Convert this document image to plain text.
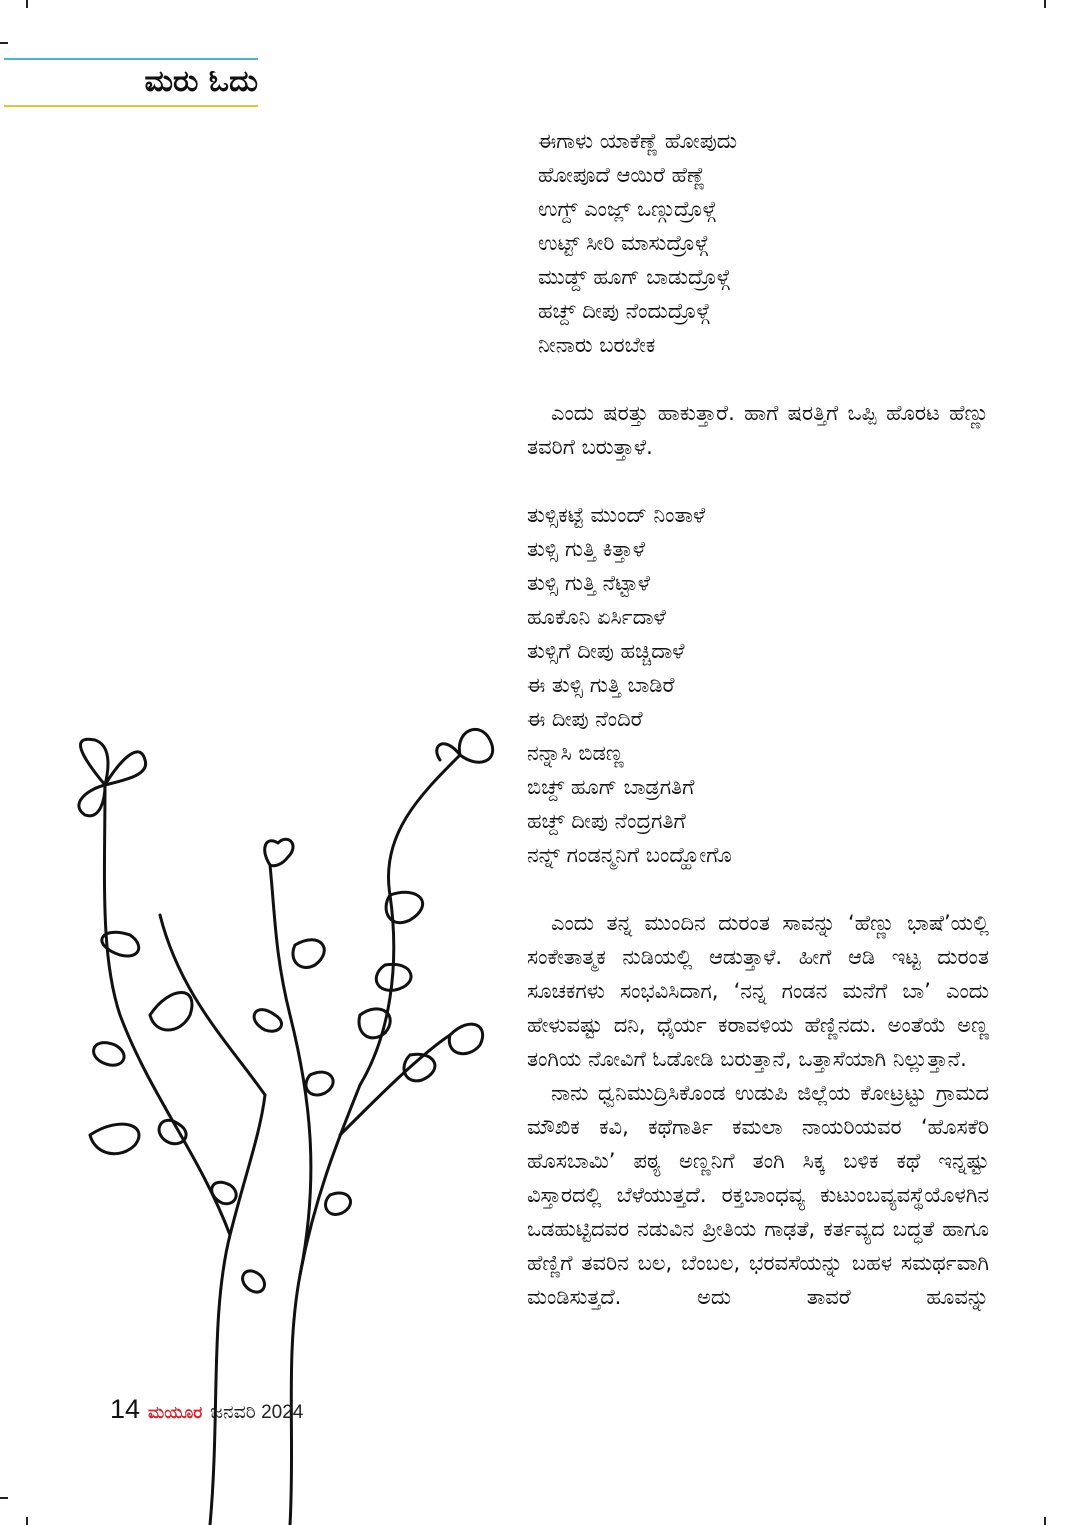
ಮರು ಓದು
ಈಗಾಳು ಯಾಕೆಣ್ಣೆ ಹೋಪುದು
ಹೋಪೂದೆ ಆಯಿರೆ ಹೆಣ್ಣೆ
ಉಗ್ದ್ ಎಂಜ್ಲ್ ಒಣ್ಗುದ್ರೊಳ್ಗೆ
ಉಟ್ಟ್ ಸೀರಿ ಮಾಸುದ್ರೊಳ್ಗೆ
ಮುಡ್ದ್ ಹೂಗ್ ಬಾಡುದ್ರೊಳ್ಗೆ
ಹಚ್ದ್ ದೀಪು ನೆಂದುದ್ರೊಳ್ಗೆ
ನೀನಾರು ಬರಬೇಕ

ಎಂದು ಷರತ್ತು ಹಾಕುತ್ತಾರೆ. ಹಾಗೆ ಷರತ್ತಿಗೆ ಒಪ್ಪಿ ಹೊರಟ ಹೆಣ್ಣು ತವರಿಗೆ ಬರುತ್ತಾಳೆ.

ತುಳ್ಸಿಕಟ್ಟೆ ಮುಂದ್ ನಿಂತಾಳೆ
ತುಳ್ಸಿ ಗುತ್ತಿ ಕಿತ್ತಾಳೆ
ತುಳ್ಸಿ ಗುತ್ತಿ ನೆಟ್ಟಾಳೆ
ಹೂಕೊನಿ ಏರ್ಸಿದಾಳೆ
ತುಳ್ಸಿಗೆ ದೀಪು ಹಚ್ಚಿದಾಳೆ
ಈ ತುಳ್ಸಿ ಗುತ್ತಿ ಬಾಡಿರೆ
ಈ ದೀಪು ನೆಂದಿರೆ
ನನ್ನಾಸಿ ಬಿಡಣ್ಣ
ಬಿಚ್ದ್ ಹೂಗ್ ಬಾಡ್ರಗತಿಗೆ
ಹಚ್ದ್ ದೀಪು ನೆಂದ್ರಗತಿಗೆ
ನನ್ನ್ ಗಂಡನ್ಮನಿಗೆ ಬಂದ್ಹೋಗೊ

ಎಂದು ತನ್ನ ಮುಂದಿನ ದುರಂತ ಸಾವನ್ನು ‘ಹೆಣ್ಣು ಭಾಷೆ’ಯಲ್ಲಿ ಸಂಕೇತಾತ್ಮಕ ನುಡಿಯಲ್ಲಿ ಆಡುತ್ತಾಳೆ. ಹೀಗೆ ಆಡಿ ಇಟ್ಟ ದುರಂತ ಸೂಚಕಗಳು ಸಂಭವಿಸಿದಾಗ, ‘ನನ್ನ ಗಂಡನ ಮನೆಗೆ ಬಾ’ ಎಂದು ಹೇಳುವಷ್ಟು ದನಿ, ಧೈರ್ಯ ಕರಾವಳಿಯ ಹೆಣ್ಣಿನದು. ಅಂತೆಯೆ ಅಣ್ಣ ತಂಗಿಯ ನೋವಿಗೆ ಓಡೋಡಿ ಬರುತ್ತಾನೆ, ಒತ್ತಾಸೆಯಾಗಿ ನಿಲ್ಲುತ್ತಾನೆ.

ನಾನು ಧ್ವನಿಮುದ್ರಿಸಿಕೊಂಡ ಉಡುಪಿ ಜಿಲ್ಲೆಯ ಕೋಟ್ರಟ್ಟು ಗ್ರಾಮದ ಮೌಖಿಕ ಕವಿ, ಕಥೆಗಾರ್ತಿ ಕಮಲಾ ನಾಯರಿಯವರ ‘ಹೊಸಕೆರಿ ಹೊಸಬಾಮಿ’ ಪಠ್ಯ ಅಣ್ಣನಿಗೆ ತಂಗಿ ಸಿಕ್ಕ ಬಳಿಕ ಕಥೆ ಇನ್ನಷ್ಟು ವಿಸ್ತಾರದಲ್ಲಿ ಬೆಳೆಯುತ್ತದೆ. ರಕ್ತಬಾಂಧವ್ಯ ಕುಟುಂಬವ್ಯವಸ್ಥೆಯೊಳಗಿನ ಒಡಹುಟ್ಟಿದವರ ನಡುವಿನ ಪ್ರೀತಿಯ ಗಾಢತೆ, ಕರ್ತವ್ಯದ ಬದ್ಧತೆ ಹಾಗೂ ಹೆಣ್ಣಿಗೆ ತವರಿನ ಬಲ, ಬೆಂಬಲ, ಭರವಸೆಯನ್ನು ಬಹಳ ಸಮರ್ಥವಾಗಿ ಮಂಡಿಸುತ್ತದೆ. ಅದು ತಾವರೆ ಹೂವನ್ನು

14 ಮಯೂರ ಜನವರಿ 2024
